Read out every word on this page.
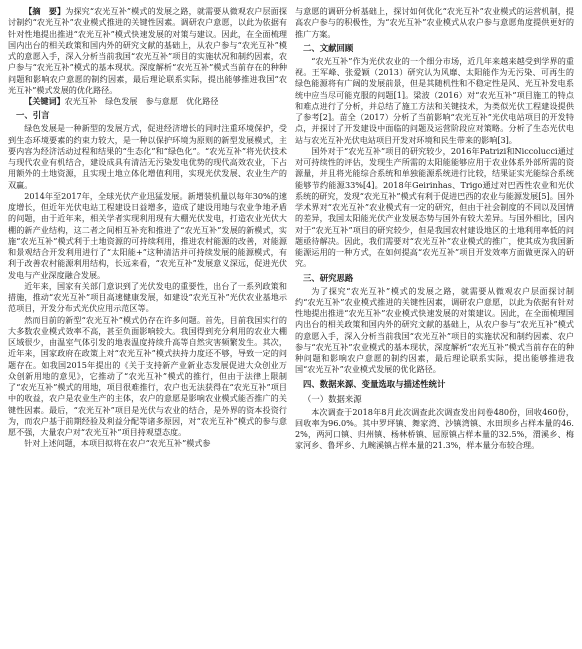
【摘　要】为探究“农光互补”模式的发展之路，就需要从微观农户层面探讨制约“农光互补”农业模式推进的关键性因素。调研农户意愿，以此为依据有针对性地提出推进“农光互补”模式快速发展的对策与建议。因此，在全面梳理国内出台的相关政策和国内外的研究文献的基础上，从农户参与“农光互补”模式的意愿入手，深入分析当前我国“农光互补”项目的实施状况和制约因素，农户参与“农光互补”模式的基本现状。深度解析“农光互补”模式当前存在的种种问题和影响农户意愿的制约因素，最后理论联系实际，提出能够推进我国“农光互补”模式发展的优化路径。

【关键词】农光互补　绿色发展　参与意愿　优化路径

一、引言

绿色发展是一种新型的发展方式，促进经济增长的同时注重环境保护，受到生态环境要素的约束力较大，是一种以保护环境为原则的新型发展模式，主要内容为经济活动过程和结果的“生态化”和“绿色化”。“农光互补”将光伏技术与现代农业有机结合，建设成具有清洁无污染发电优势的现代高效农业，下占用额外的土地资源，且实现土地立体化增值利用，实现光伏发展、农业生产的双赢。

2014年至2017年，全球光伏产业迅猛发展。新增装机量以每年30%的速度增长，但近年光伏电站工程建设日益增多，造成了建设用地与农业争地矛盾的问题，由于近年来，相关学者实现利用现有大棚光伏发电，打造农业光伏大棚的新产业结构，这二者之间相互补充和推进了“农光互补”发展的新模式，实施“农光互补”模式利于土地资源的可持续利用，推进农村能源的改善，对能源和景观结合开发利用进行了“太阳能+”这种清洁并可持续发展的能源模式，有利于改善农村能源利用结构，长远来看，“农光互补”发展意义深远，促进光伏发电与产业深度融合发展。

近年来，国家有关部门意识到了光伏发电的重要性，出台了一系列政策和措施，推动“农光互补”项目高速健康发展，如建设“农光互补”光伏农业基地示范项目，开发分布式光伏应用示范区等。

然而目前的新型“农光互补”模式仍存在许多问题。首先，目前我国实行的大多数农业模式效率不高，甚至负面影响较大。我国得到充分利用的农业大棚区域很少，由温室气体引发的地表温度持续升高等自然灾害频繁发生。其次，近年来，国家政府在政策上对“农光互补”模式扶持力度还不够，导致一定的问题存在。如我国2015年提出的《关于支持新产业新业态发展促进大众创业万众创新用地的意见》，它推动了“农光互补”模式的推行，但由于法律上限制了“农光互补”模式的用地，项目很难推行，农户也无法获得在“农光互补”项目中的收益，农户是农业生产的主体，农户的意愿是影响农业模式能否推广的关键性因素。最后，“农光互补”项目是光伏与农业的结合，是外界的资本投资行为，而农户基于前期经验及利益分配等诸多原因，对“农光互补”模式的参与意愿不强，大量农户对“农光互补”项目持观望态度。

针对上述问题，本项目拟将在农户“农光互补”模式参

与意愿的调研分析基础上，探讨如何优化“农光互补”农业模式的运营机制，提高农户参与的积极性，为“农光互补”农业模式从农户参与意愿角度提供更好的推广方案。

二、文献回顾

“农光互补”作为光伏农业的一个细分市场，近几年来越来越受到学界的重视。王军峰、张爱颖（2013）研究认为风靡、太阳能作为无污染、可再生的绿色能源将有广阔的发展前景，但是其随机性和不稳定性是风、光互补发电系统中应当尽可能克服的问题[1]。梁波（2016）对“农光互补”项目施工的特点和难点进行了分析，并总结了施工方法和关键技术，为类似光伏工程建设提供了参考[2]。苗全（2017）分析了当前影响“农光互补”光伏电站项目的开发特点，并探讨了开发建设中面临的问题及运营阶段应对策略。分析了生态光伏电站与农光互补光伏电站项目开发对环境和民生带来的影响[3]。

国外对于“农光互补”项目的研究较少，2016年Patrizi和Niccolucci通过对可持续性的评估，发现生产所需的太阳能能够应用于农业体系外部所需的资源量，并且将光能综合系统和单独能源系统进行比较，结果证实光能综合系统能够节约能源33%[4]。2018年Geirinhas、Trigo通过对巴西性农业和光伏系统的研究，发现“农光互补”模式有利于促进巴西的农业与能源发展[5]。国外学术界对“农光互补”农业模式有一定的研究，但由于社会制度的不同以及国情的差异，我国太阳能光伏产业发展态势与国外有较大差异。与国外相比，国内对于“农光互补”项目的研究较少，但是我国农村建设地区的土地利用率低的问题亟待解决。因此，我们需要对“农光互补”农业模式的推广，使其成为我国新能源运用的一种方式，在如何提高“农光互补”项目开发效率方面做更深入的研究。

三、研究思路

为了探究“农光互补”模式的发展之路，就需要从微观农户层面探讨制约“农光互补”农业模式推进的关键性因素，调研农户意愿，以此为依据有针对性地提出推进“农光互补”农业模式快速发展的对策建议。因此，在全面梳理国内出台的相关政策和国内外的研究文献的基础上，从农户参与“农光互补”模式的意愿入手，深入分析当前我国“农光互补”项目的实施状况和制约因素、农户参与“农光互补”农业模式的基本现状，深度解析“农光互补”模式当前存在的种种问题和影响农户意愿的制约因素，最后理论联系实际，提出能够推进我国“农光互补”农业模式发展的优化路径。

四、数据来源、变量选取与描述性统计
（一）数据来源

本次调查于2018年8月此次调查此次调查发出问卷480份，回收460份，回收率为96.0%。其中罗坪镇、舞家湾、沙镇湾镇、水田坝乡占样本量的46.2%，两河口镇、归州镇、杨林桥镇、屈原镇占样本量的32.5%，渭溪乡、梅家河乡、鲁坪乡、九畹溪镇占样本量的21.3%，样本量分布较合理。
